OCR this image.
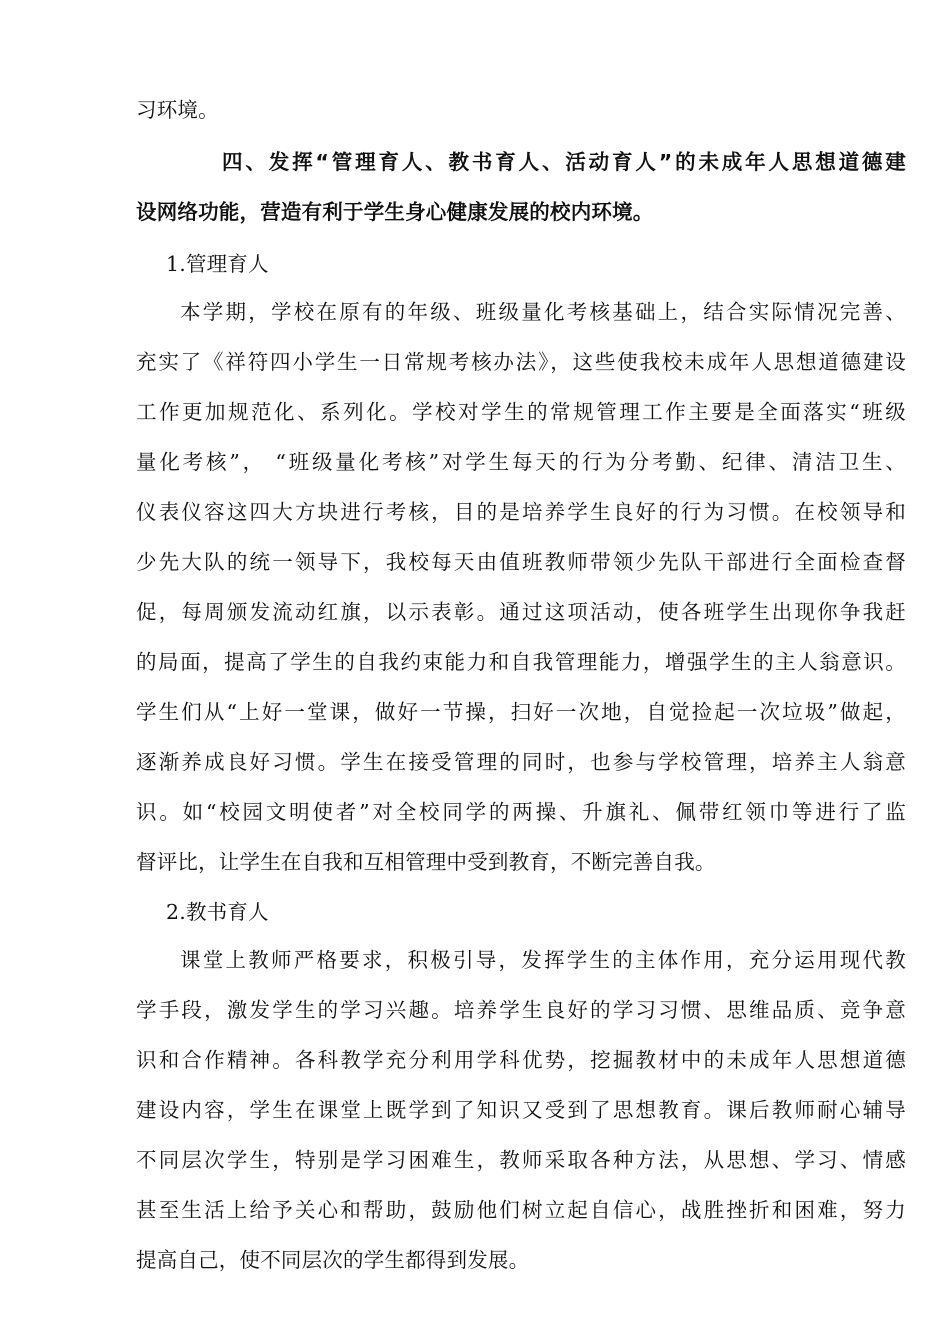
习环境。
四、发挥“管理育人、教书育人、活动育人”的未成年人思想道德建
设网络功能，营造有利于学生身心健康发展的校内环境。
1.管理育人
本学期，学校在原有的年级、班级量化考核基础上，结合实际情况完善、
充实了《祥符四小学生一日常规考核办法》，这些使我校未成年人思想道德建设
工作更加规范化、系列化。学校对学生的常规管理工作主要是全面落实“班级
量化考核”， “班级量化考核”对学生每天的行为分考勤、纪律、清洁卫生、
仪表仪容这四大方块进行考核，目的是培养学生良好的行为习惯。在校领导和
少先大队的统一领导下，我校每天由值班教师带领少先队干部进行全面检查督
促，每周颁发流动红旗，以示表彰。通过这项活动，使各班学生出现你争我赶
的局面，提高了学生的自我约束能力和自我管理能力，增强学生的主人翁意识。
学生们从“上好一堂课，做好一节操，扫好一次地，自觉捡起一次垃圾”做起，
逐渐养成良好习惯。学生在接受管理的同时，也参与学校管理，培养主人翁意
识。如“校园文明使者”对全校同学的两操、升旗礼、佩带红领巾等进行了监
督评比，让学生在自我和互相管理中受到教育，不断完善自我。
2.教书育人
课堂上教师严格要求，积极引导，发挥学生的主体作用，充分运用现代教
学手段，激发学生的学习兴趣。培养学生良好的学习习惯、思维品质、竞争意
识和合作精神。各科教学充分利用学科优势，挖掘教材中的未成年人思想道德
建设内容，学生在课堂上既学到了知识又受到了思想教育。课后教师耐心辅导
不同层次学生，特别是学习困难生，教师采取各种方法，从思想、学习、情感
甚至生活上给予关心和帮助，鼓励他们树立起自信心，战胜挫折和困难，努力
提高自己，使不同层次的学生都得到发展。
